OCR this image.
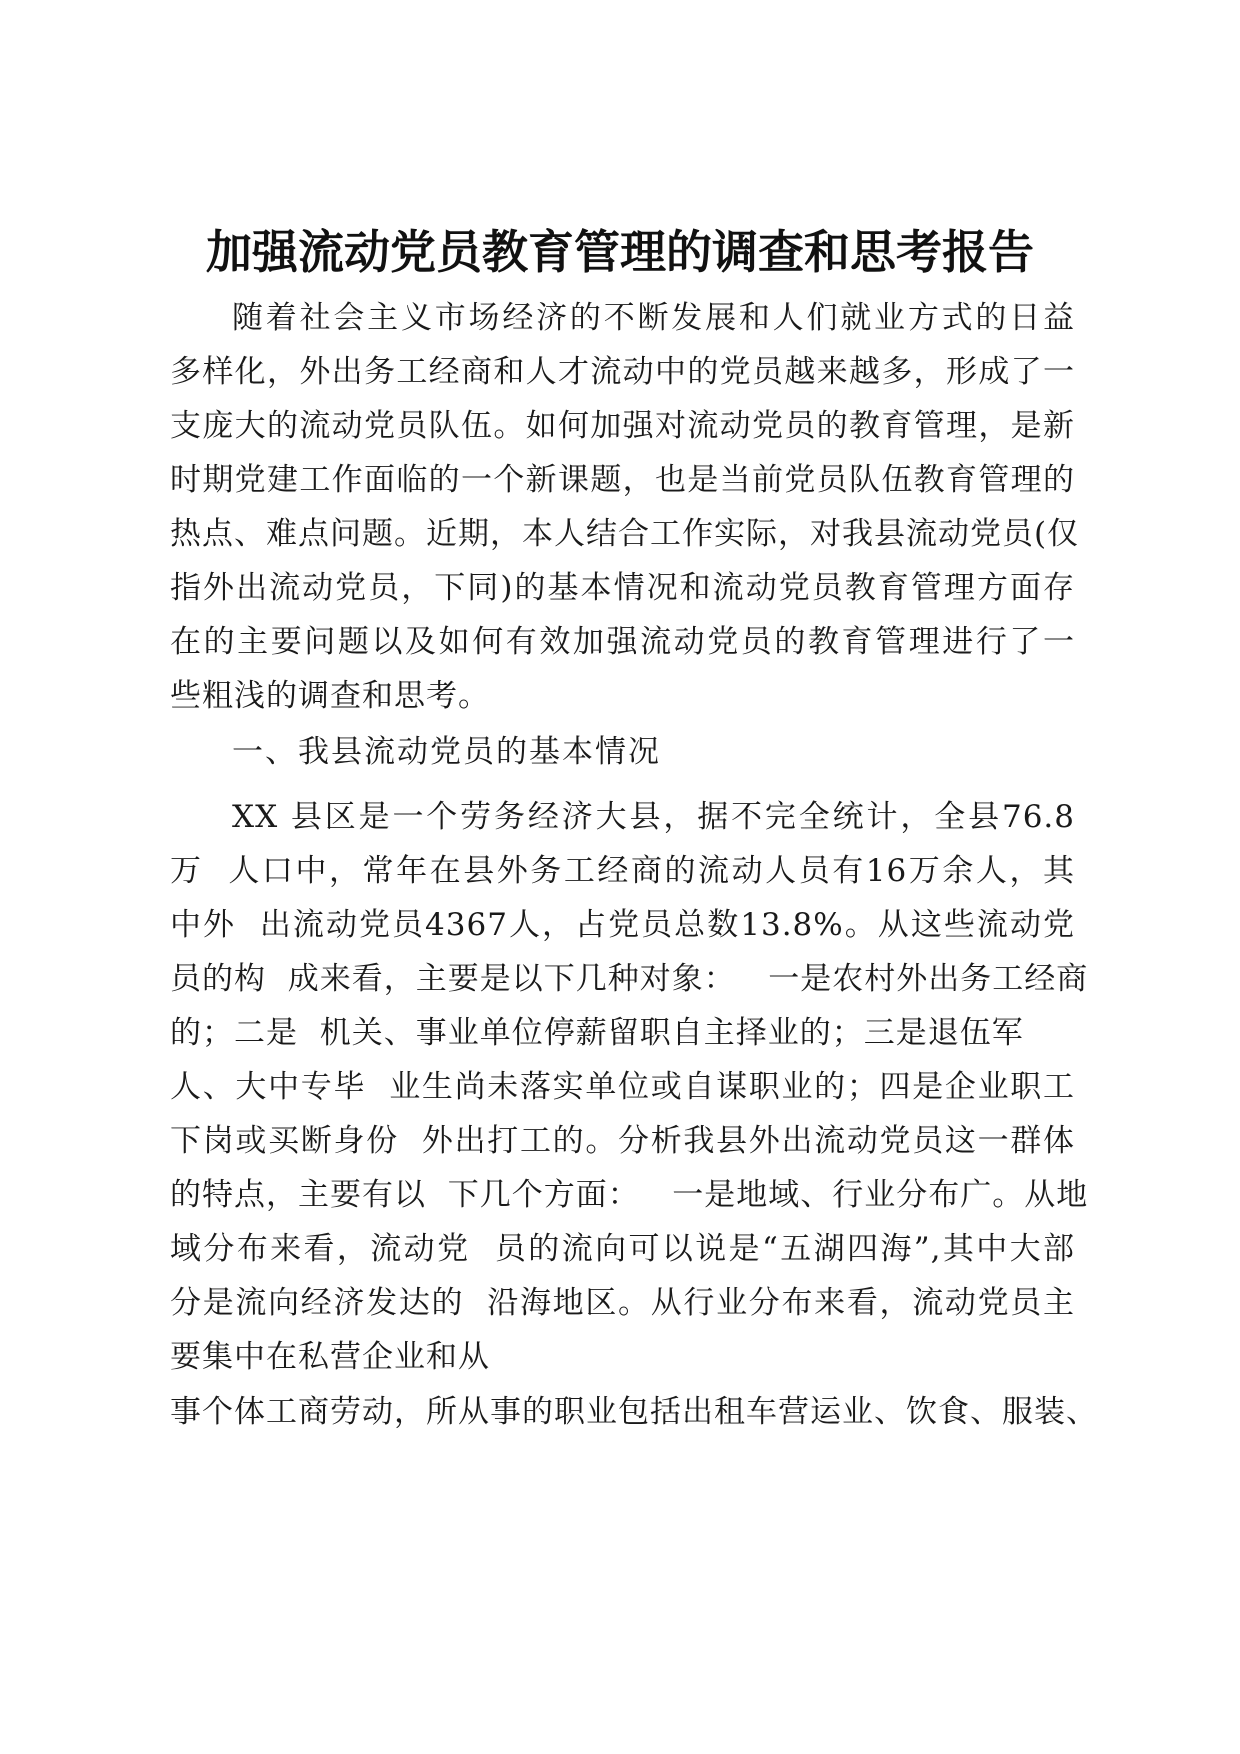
加强流动党员教育管理的调查和思考报告
随着社会主义市场经济的不断发展和人们就业方式的日益
多样化，外出务工经商和人才流动中的党员越来越多，形成了一
支庞大的流动党员队伍。如何加强对流动党员的教育管理，是新
时期党建工作面临的一个新课题，也是当前党员队伍教育管理的
热点、难点问题。近期，本人结合工作实际，对我县流动党员(仅
指外出流动党员，下同)的基本情况和流动党员教育管理方面存
在的主要问题以及如何有效加强流动党员的教育管理进行了一
些粗浅的调查和思考。
一、我县流动党员的基本情况
XX 县区是一个劳务经济大县，据不完全统计，全县76.8
万  人口中，常年在县外务工经商的流动人员有16万余人，其
中外  出流动党员4367人，占党员总数13.8%。从这些流动党
员的构  成来看，主要是以下几种对象：   一是农村外出务工经商
的；二是  机关、事业单位停薪留职自主择业的；三是退伍军
人、大中专毕  业生尚未落实单位或自谋职业的；四是企业职工
下岗或买断身份  外出打工的。分析我县外出流动党员这一群体
的特点，主要有以  下几个方面：   一是地域、行业分布广。从地
域分布来看，流动党  员的流向可以说是“五湖四海”,其中大部
分是流向经济发达的  沿海地区。从行业分布来看，流动党员主
要集中在私营企业和从
事个体工商劳动，所从事的职业包括出租车营运业、饮食、服装、
